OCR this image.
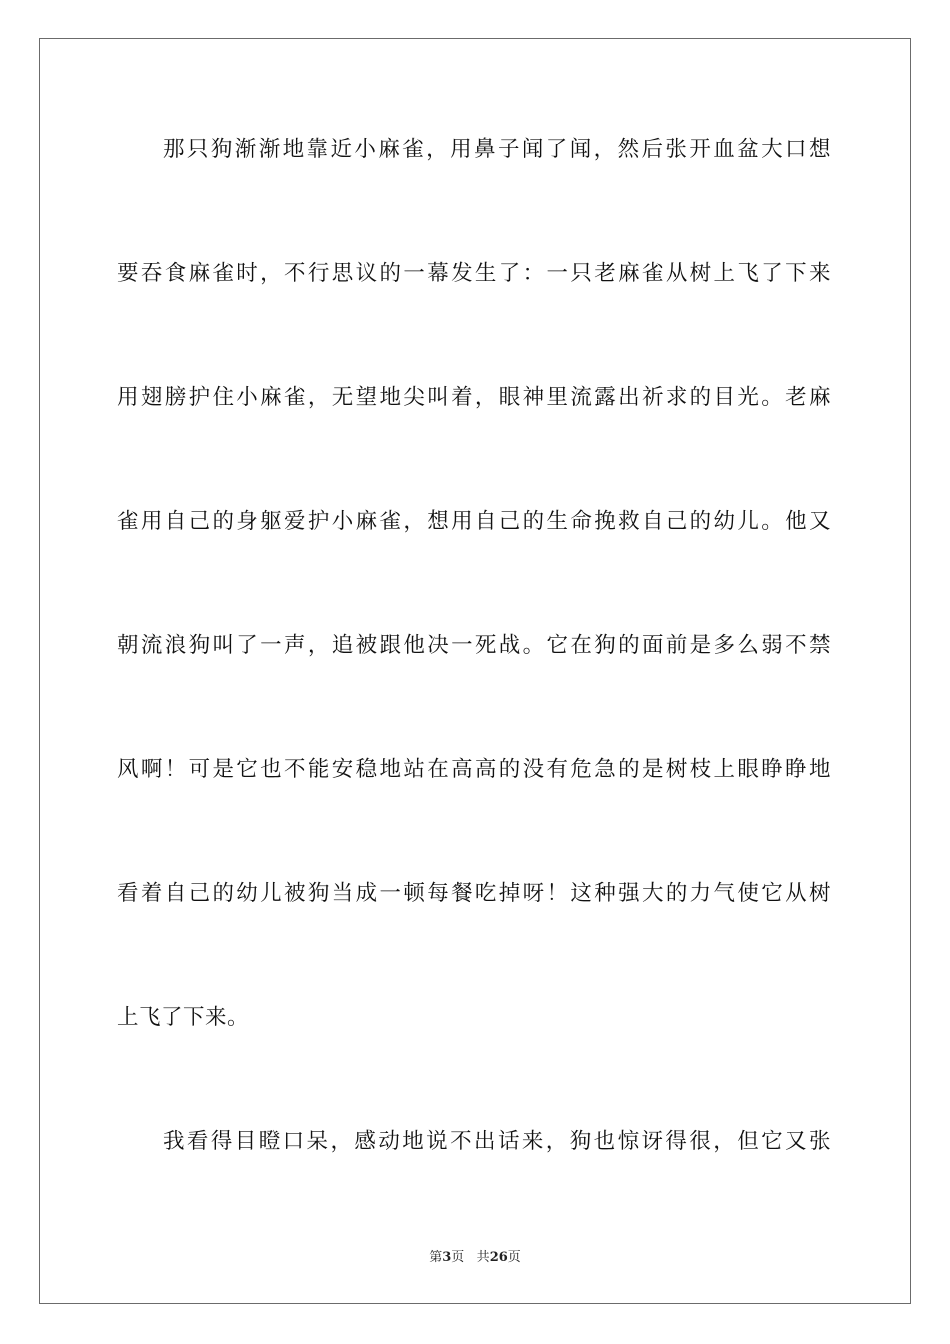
那只狗渐渐地靠近小麻雀，用鼻子闻了闻，然后张开血盆大口想
要吞食麻雀时，不行思议的一幕发生了：一只老麻雀从树上飞了下来
用翅膀护住小麻雀，无望地尖叫着，眼神里流露出祈求的目光。老麻
雀用自己的身躯爱护小麻雀，想用自己的生命挽救自己的幼儿。他又
朝流浪狗叫了一声，追被跟他决一死战。它在狗的面前是多么弱不禁
风啊！可是它也不能安稳地站在高高的没有危急的是树枝上眼睁睁地
看着自己的幼儿被狗当成一顿每餐吃掉呀！这种强大的力气使它从树
上飞了下来。
我看得目瞪口呆，感动地说不出话来，狗也惊讶得很，但它又张
第3页 共26页
